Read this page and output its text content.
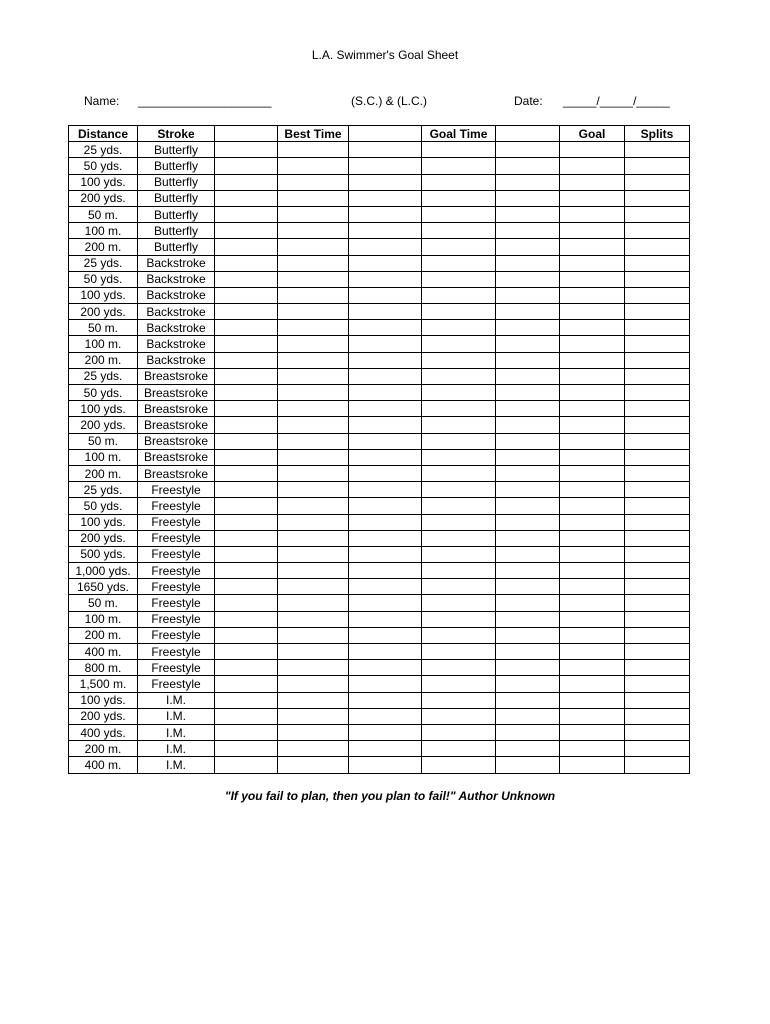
L.A. Swimmer's Goal Sheet
Name: ____________________	(S.C.) & (L.C.)	Date: _____/_____/_____
Distance	Stroke		Best Time		Goal Time		Goal	Splits
25 yds.	Butterfly							
50 yds.	Butterfly							
100 yds.	Butterfly							
200 yds.	Butterfly							
50 m.	Butterfly							
100 m.	Butterfly							
200 m.	Butterfly							
25 yds.	Backstroke							
50 yds.	Backstroke							
100 yds.	Backstroke							
200 yds.	Backstroke							
50 m.	Backstroke							
100 m.	Backstroke							
200 m.	Backstroke							
25 yds.	Breastsroke							
50 yds.	Breastsroke							
100 yds.	Breastsroke							
200 yds.	Breastsroke							
50 m.	Breastsroke							
100 m.	Breastsroke							
200 m.	Breastsroke							
25 yds.	Freestyle							
50 yds.	Freestyle							
100 yds.	Freestyle							
200 yds.	Freestyle							
500 yds.	Freestyle							
1,000 yds.	Freestyle							
1650 yds.	Freestyle							
50 m.	Freestyle							
100 m.	Freestyle							
200 m.	Freestyle							
400 m.	Freestyle							
800 m.	Freestyle							
1,500 m.	Freestyle							
100 yds.	I.M.							
200 yds.	I.M.							
400 yds.	I.M.							
200 m.	I.M.							
400 m.	I.M.							
"If you fail to plan, then you plan to fail!" Author Unknown
